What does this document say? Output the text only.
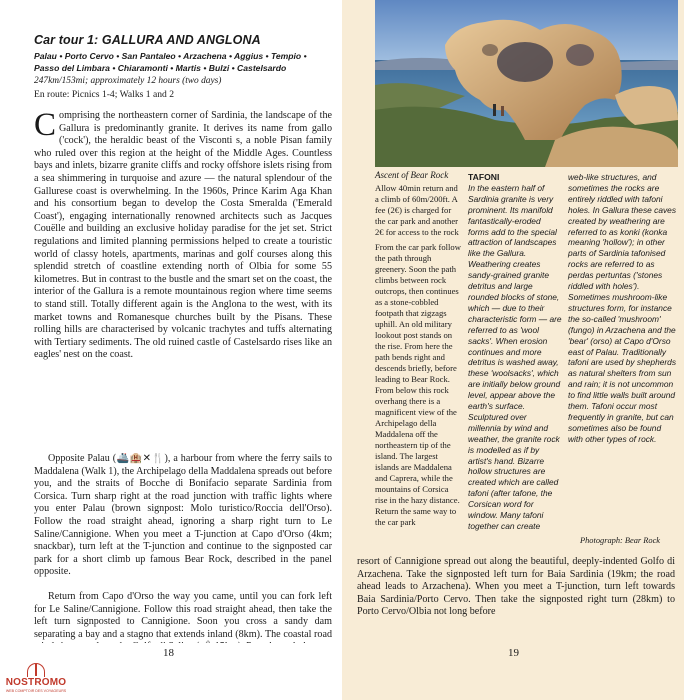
Car tour 1: GALLURA AND ANGLONA
Palau • Porto Cervo • San Pantaleo • Arzachena • Aggius • Tempio • Passo del Limbara • Chiaramonti • Martis • Bulzi • Castelsardo
247km/153mi; approximately 12 hours (two days)
En route: Picnics 1-4; Walks 1 and 2
Comprising the northeastern corner of Sardinia, the landscape of the Gallura is predominantly granite. It derives its name from gallo ('cock'), the heraldic beast of the Visconti s, a noble Pisan family who ruled over this region at the height of the Middle Ages. Countless bays and inlets, bizarre granite cliffs and rocky offshore islets rising from a sea shimmering in turquoise and azure — the natural splendour of the Gallurese coast is overwhelming. In the 1960s, Prince Karim Aga Khan and his consortium began to develop the Costa Smeralda ('Emerald Coast'), engaging internationally renowned architects such as Jacques Couëlle and building an exclusive holiday paradise for the jet set. Strict regulations and limited planning permissions helped to create a touristic world of classy hotels, apartments, marinas and golf courses along this splendid stretch of coastline extending north of Olbia for some 55 kilometres. But in contrast to the bustle and the smart set on the coast, the interior of the Gallura is a remote mountainous region where time seems to stand still. Totally different again is the Anglona to the west, with its market towns and Romanesque churches built by the Pisans. These rolling hills are characterised by volcanic trachytes and tuffs alternating with Tertiary sediments. The old ruined castle of Castelsardo rises like an eagles' nest on the coast.
Opposite Palau (🚢🏨✕🍴), a harbour from where the ferry sails to Maddalena (Walk 1), the Archipelago della Maddalena spreads out before you, and the straits of Bocche di Bonifacio separate Sardinia from Corsica. Turn sharp right at the road junction with traffic lights where you enter Palau (brown signpost: Molo turistico/Roccia dell'Orso). Follow the road straight ahead, ignoring a sharp right turn to Le Saline/Cannigione. When you meet a T-junction at Capo d'Orso (4km; snackbar), turn left at the T-junction and continue to the signposted car park for a short climb up famous Bear Rock, described in the panel opposite.
Return from Capo d'Orso the way you came, until you can fork left for Le Saline/Cannigione. Follow this road straight ahead, then take the left turn signposted to Cannigione. Soon you cross a sandy dam separating a bay and a stagno that extends inland (8km). The coastal road
18
NOSTROMO
WEB COMPTOIR DES VOYAGEURS
Ascent of Bear Rock

Allow 40min return and a climb of 60m/200ft. A fee (2€) is charged for the car park and another 2€ for access to the rock

From the car park follow the path through greenery. Soon the path climbs between rock outcrops, then continues as a stone-cobbled footpath that zigzags uphill. An old military lookout post stands on the rise. From here the path bends right and descends briefly, before leading to Bear Rock. From below this rock overhang there is a magnificent view of the Archipelago della Maddalena off the northeastern tip of the island. The largest islands are Maddalena and Caprera, while the mountains of Corsica rise in the hazy distance. Return the same way to the car park

TAFONI
In the eastern half of Sardinia granite is very prominent. Its manifold fantastically-eroded forms add to the special attraction of landscapes like the Gallura. Weathering creates sandy-grained granite detritus and large rounded blocks of stone, which — due to their characteristic form — are referred to as 'wool sacks'. When erosion continues and more detritus is washed away, these 'woolsacks', which are initially below ground level, appear above the earth's surface. Sculptured over millennia by wind and weather, the granite rock is modelled as if by artist's hand. Bizarre hollow structures are created which are called tafoni (after tafone, the Corsican word for window. Many tafoni together can create
web-like structures, and sometimes the rocks are entirely riddled with tafoni holes. In Gallura these caves created by weathering are referred to as konki (konka meaning 'hollow'); in other parts of Sardinia tafonised rocks are referred to as perdas pertuntas ('stones riddled with holes'). Sometimes mushroom-like structures form, for instance the so-called 'mushroom' (fungo) in Arzachena and the 'bear' (orso) at Capo d'Orso east of Palau. Traditionally tafoni are used by shepherds as natural shelters from sun and rain; it is not uncommon to find little walls built around them. Tafoni occur most frequently in granite, but can sometimes also be found with other types of rock.
Photograph: Bear Rock
resort of Cannigione spread out along the beautiful, deeply-indented Golfo di Arzachena. Take the signposted left turn for Baia Sardinia (19km; the road ahead leads to Arzachena). When you meet a T-junction, turn left towards Baia Sardinia/Porto Cervo. Then take the signposted right turn (28km) to Porto Cervo/Olbia not long before
19
